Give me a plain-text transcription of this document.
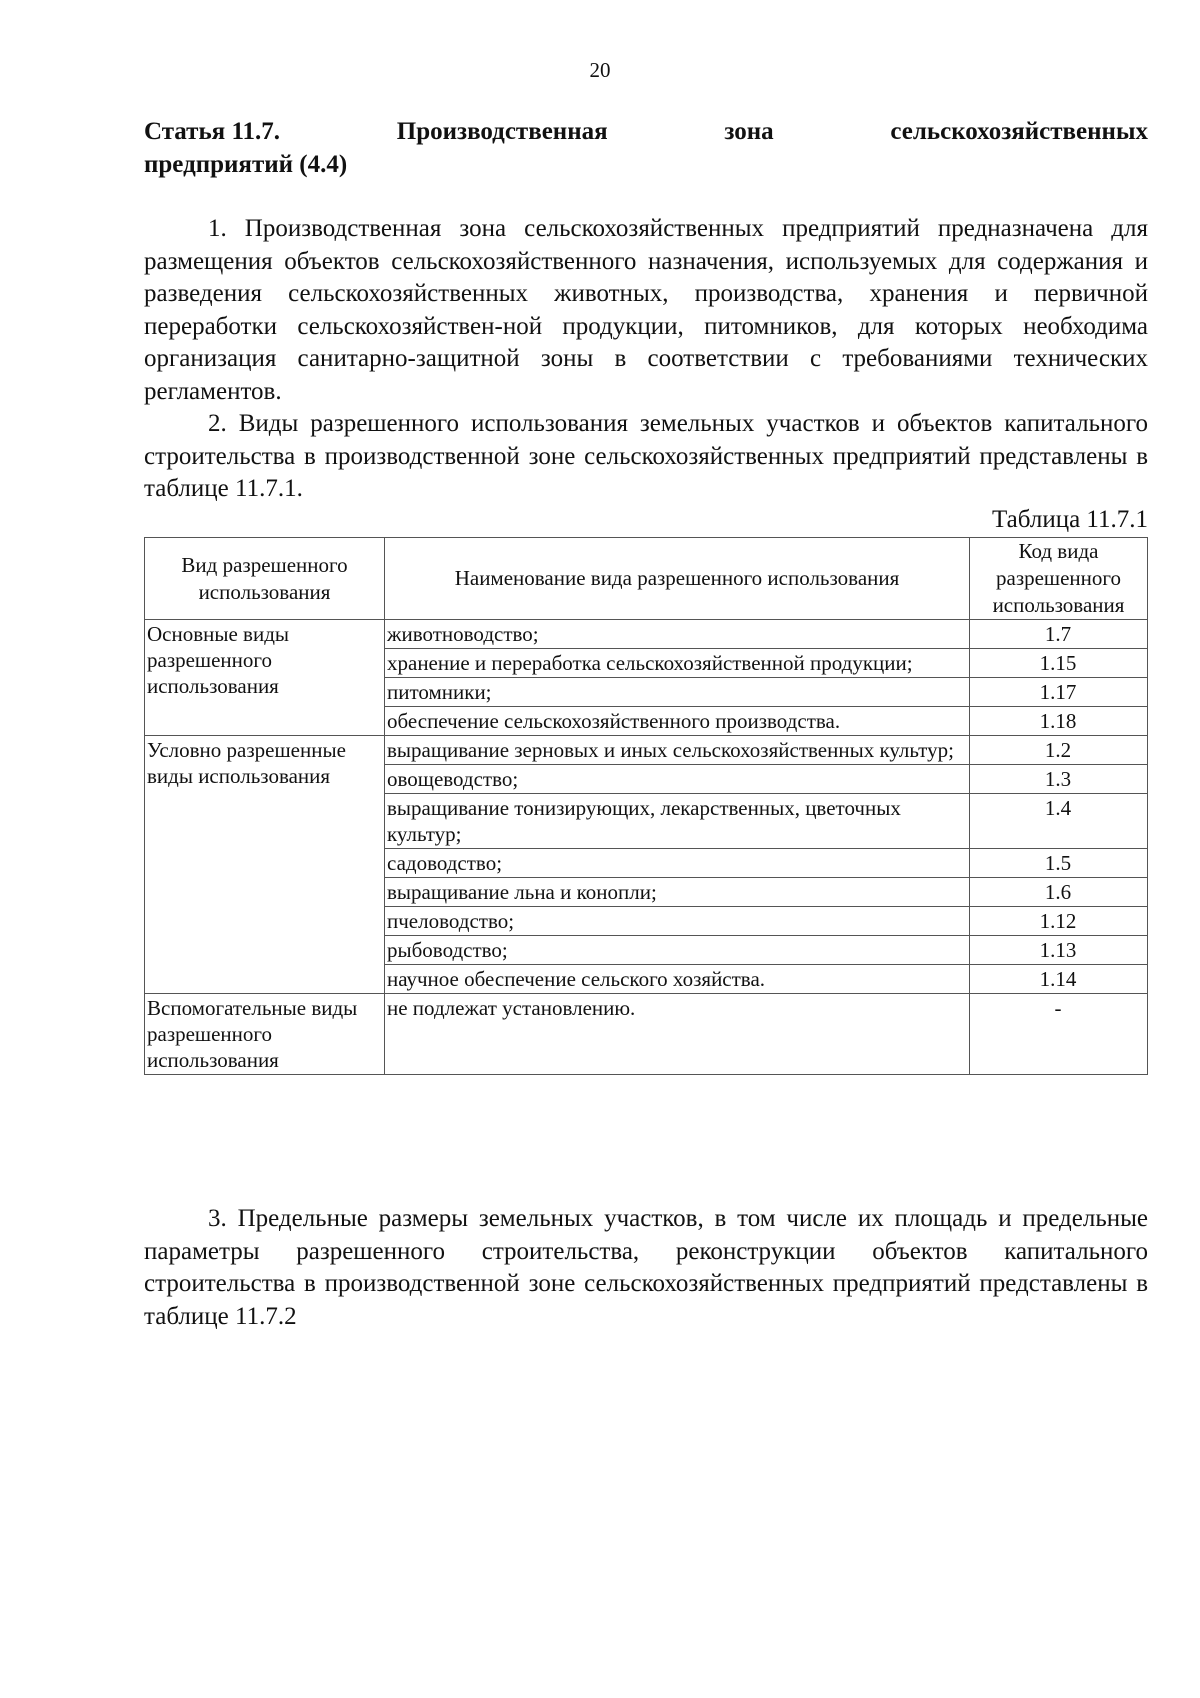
20
Статья 11.7.	Производственная	зона	сельскохозяйственных
предприятий (4.4)

1. Производственная зона сельскохозяйственных предприятий предназначена для размещения объектов сельскохозяйственного назначения, используемых для содержания и разведения сельскохозяйственных животных, производства, хранения и первичной переработки сельскохозяйствен-ной продукции, питомников, для которых необходима организация санитарно-защитной зоны в соответствии с требованиями технических регламентов.

2. Виды разрешенного использования земельных участков и объектов капитального строительства в производственной зоне сельскохозяйственных предприятий представлены в таблице 11.7.1.

Таблица 11.7.1
Вид разрешенного использования	Наименование вида разрешенного использования	Код вида разрешенного использования
Основные виды разрешенного использования	животноводство;	1.7
	хранение и переработка сельскохозяйственной продукции;	1.15
	питомники;	1.17
	обеспечение сельскохозяйственного производства.	1.18
Условно разрешенные виды использования	выращивание зерновых и иных сельскохозяйственных культур;	1.2
	овощеводство;	1.3
	выращивание тонизирующих, лекарственных, цветочных культур;	1.4
	садоводство;	1.5
	выращивание льна и конопли;	1.6
	пчеловодство;	1.12
	рыбоводство;	1.13
	научное обеспечение сельского хозяйства.	1.14
Вспомогательные виды разрешенного использования	не подлежат установлению.	-

3. Предельные размеры земельных участков, в том числе их площадь и предельные параметры разрешенного строительства, реконструкции объектов капитального строительства в производственной зоне сельскохозяйственных предприятий представлены в таблице 11.7.2
